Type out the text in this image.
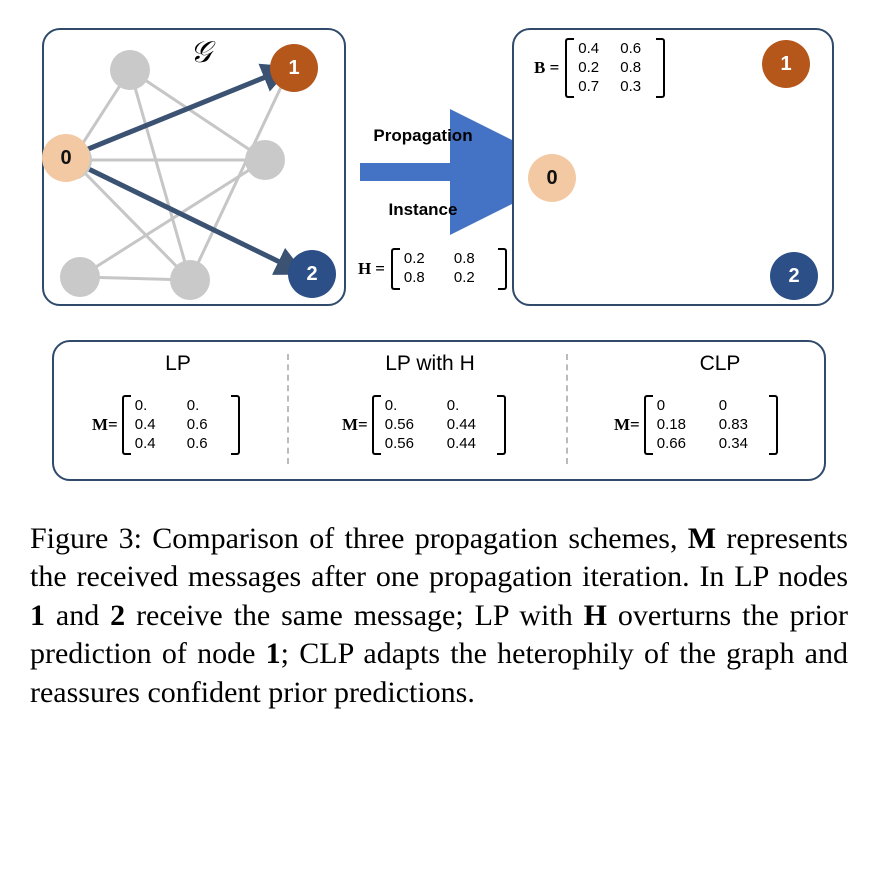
0
1
2
𝒢
Propagation
Instance
H =
0.2	0.8
0.8	0.2
B =
0.4	0.6
0.2	0.8
0.7	0.3
0
1
2
LP
M=
0.	0.
0.4	0.6
0.4	0.6
LP with H
M=
0.	0.
0.56	0.44
0.56	0.44
CLP
M=
0	0
0.18	0.83
0.66	0.34
Figure 3: Comparison of three propagation schemes, M represents the received messages after one propagation iteration. In LP nodes 1 and 2 receive the same message; LP with H overturns the prior prediction of node 1; CLP adapts the heterophily of the graph and reassures confident prior predictions.
